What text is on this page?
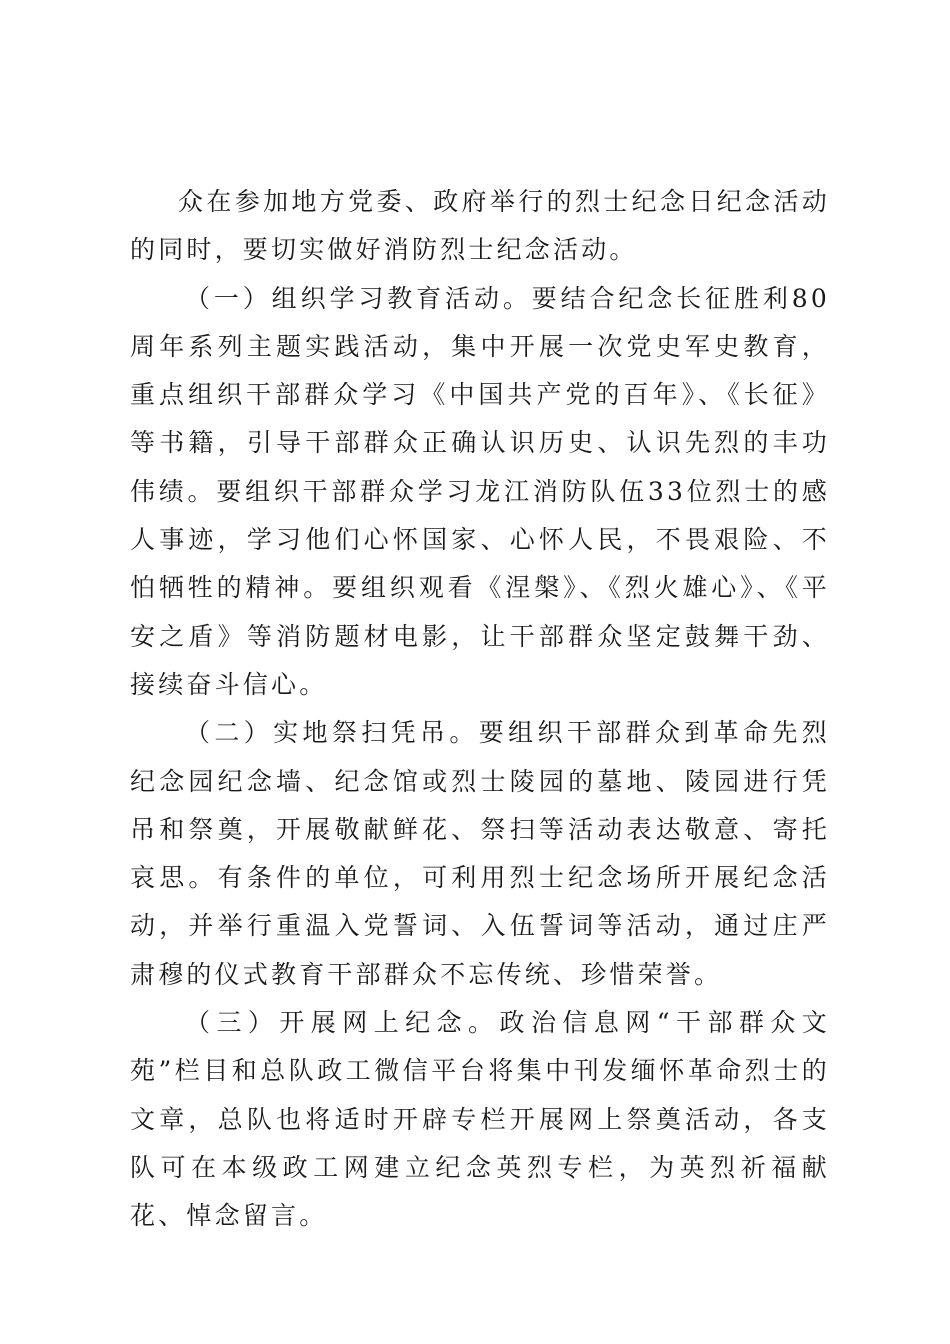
众在参加地方党委、政府举行的烈士纪念日纪念活动的同时，要切实做好消防烈士纪念活动。

（一）组织学习教育活动。要结合纪念长征胜利80周年系列主题实践活动，集中开展一次党史军史教育，重点组织干部群众学习《中国共产党的百年》、《长征》等书籍，引导干部群众正确认识历史、认识先烈的丰功伟绩。要组织干部群众学习龙江消防队伍33位烈士的感人事迹，学习他们心怀国家、心怀人民，不畏艰险、不怕牺牲的精神。要组织观看《涅槃》、《烈火雄心》、《平安之盾》等消防题材电影，让干部群众坚定鼓舞干劲、接续奋斗信心。

（二）实地祭扫凭吊。要组织干部群众到革命先烈纪念园纪念墙、纪念馆或烈士陵园的墓地、陵园进行凭吊和祭奠，开展敬献鲜花、祭扫等活动表达敬意、寄托哀思。有条件的单位，可利用烈士纪念场所开展纪念活动，并举行重温入党誓词、入伍誓词等活动，通过庄严肃穆的仪式教育干部群众不忘传统、珍惜荣誉。

（三）开展网上纪念。政治信息网“干部群众文苑”栏目和总队政工微信平台将集中刊发缅怀革命烈士的文章，总队也将适时开辟专栏开展网上祭奠活动，各支队可在本级政工网建立纪念英烈专栏，为英烈祈福献花、悼念留言。
